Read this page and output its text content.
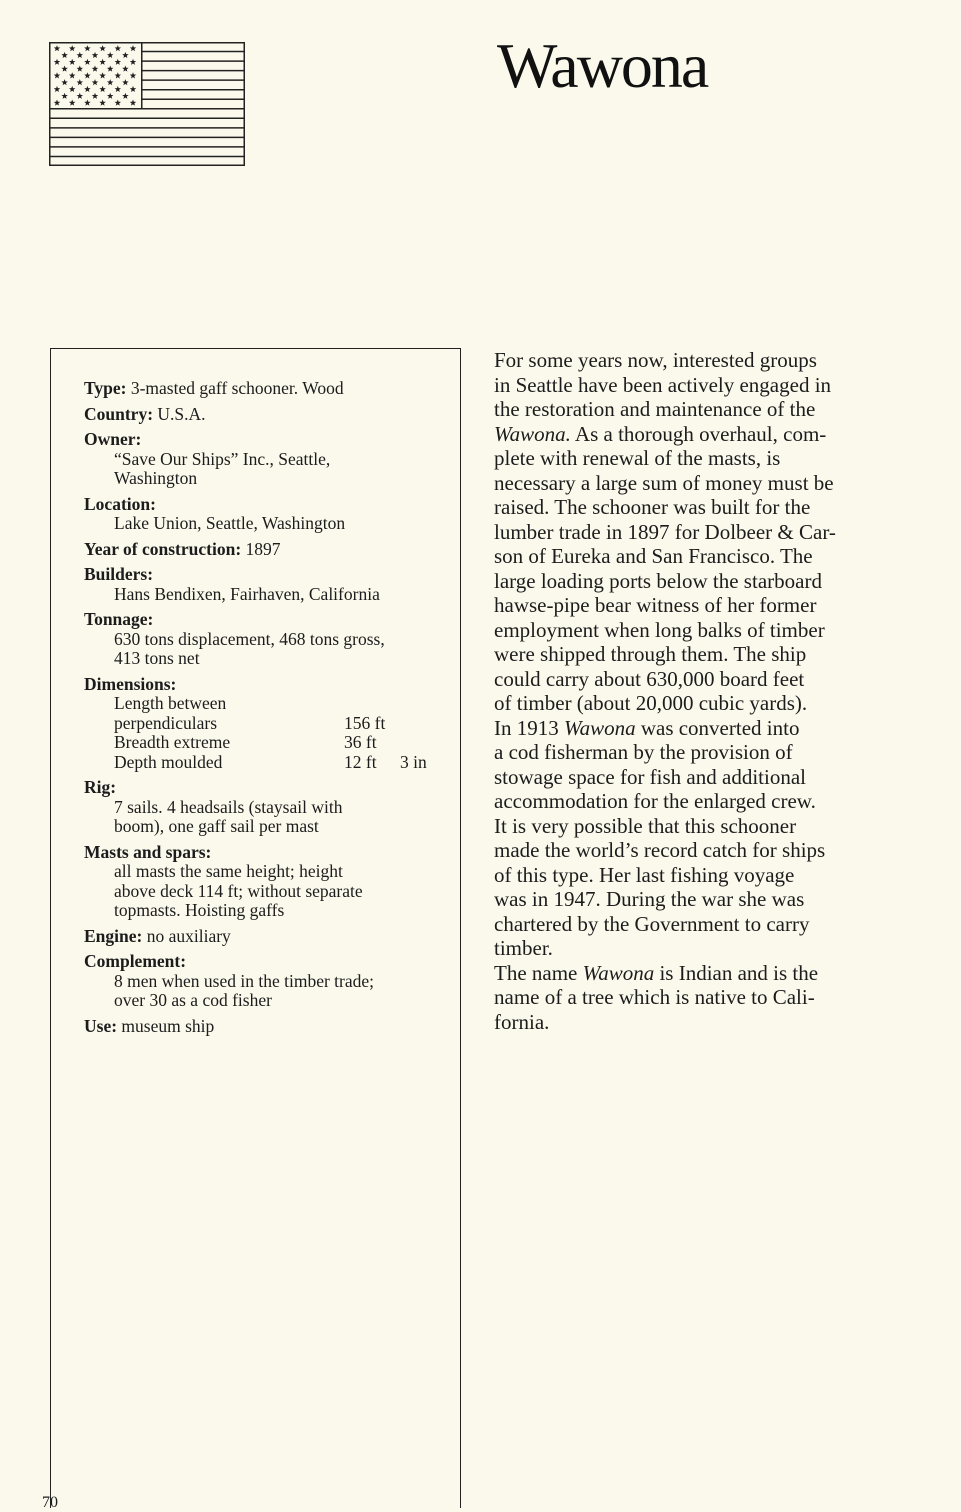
Wawona
Type: 3-masted gaff schooner. Wood
Country: U.S.A.
Owner:
“Save Our Ships” Inc., Seattle,
Washington
Location:
Lake Union, Seattle, Washington
Year of construction: 1897
Builders:
Hans Bendixen, Fairhaven, California
Tonnage:
630 tons displacement, 468 tons gross,
413 tons net
Dimensions:
Length between
perpendiculars	156 ft
Breadth extreme	36 ft
Depth moulded	12 ft 3 in
Rig:
7 sails. 4 headsails (staysail with
boom), one gaff sail per mast
Masts and spars:
all masts the same height; height
above deck 114 ft; without separate
topmasts. Hoisting gaffs
Engine: no auxiliary
Complement:
8 men when used in the timber trade;
over 30 as a cod fisher
Use: museum ship
For some years now, interested groups
in Seattle have been actively engaged in
the restoration and maintenance of the
Wawona. As a thorough overhaul, com-
plete with renewal of the masts, is
necessary a large sum of money must be
raised. The schooner was built for the
lumber trade in 1897 for Dolbeer & Car-
son of Eureka and San Francisco. The
large loading ports below the starboard
hawse-pipe bear witness of her former
employment when long balks of timber
were shipped through them. The ship
could carry about 630,000 board feet
of timber (about 20,000 cubic yards).
In 1913 Wawona was converted into
a cod fisherman by the provision of
stowage space for fish and additional
accommodation for the enlarged crew.
It is very possible that this schooner
made the world’s record catch for ships
of this type. Her last fishing voyage
was in 1947. During the war she was
chartered by the Government to carry
timber.
The name Wawona is Indian and is the
name of a tree which is native to Cali-
fornia.
70
